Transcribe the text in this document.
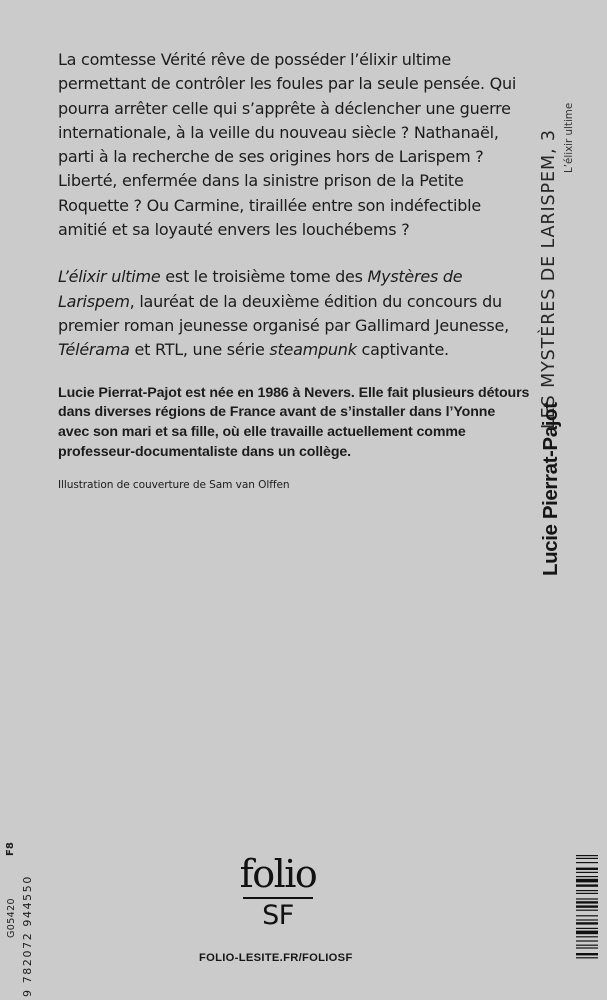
La comtesse Vérité rêve de posséder l’élixir ultime permettant de contrôler les foules par la seule pensée. Qui pourra arrêter celle qui s’apprête à déclencher une guerre internationale, à la veille du nouveau siècle ? Nathanaël, parti à la recherche de ses origines hors de Larispem ? Liberté, enfermée dans la sinistre prison de la Petite Roquette ? Ou Carmine, tiraillée entre son indéfectible amitié et sa loyauté envers les louchébems ?

L’élixir ultime est le troisième tome des Mystères de Larispem, lauréat de la deuxième édition du concours du premier roman jeunesse organisé par Gallimard Jeunesse, Télérama et RTL, une série steampunk captivante.

Lucie Pierrat-Pajot est née en 1986 à Nevers. Elle fait plusieurs détours dans diverses régions de France avant de s’installer dans l’Yonne avec son mari et sa fille, où elle travaille actuellement comme professeur-documentaliste dans un collège.

Illustration de couverture de Sam van Olffen

LES MYSTÈRES DE LARISPEM, 3 L’élixir ultime
Lucie Pierrat-Pajot
folio
SF
FOLIO-LESITE.FR/FOLIOSF
G05420
F8
9 782072 944550
